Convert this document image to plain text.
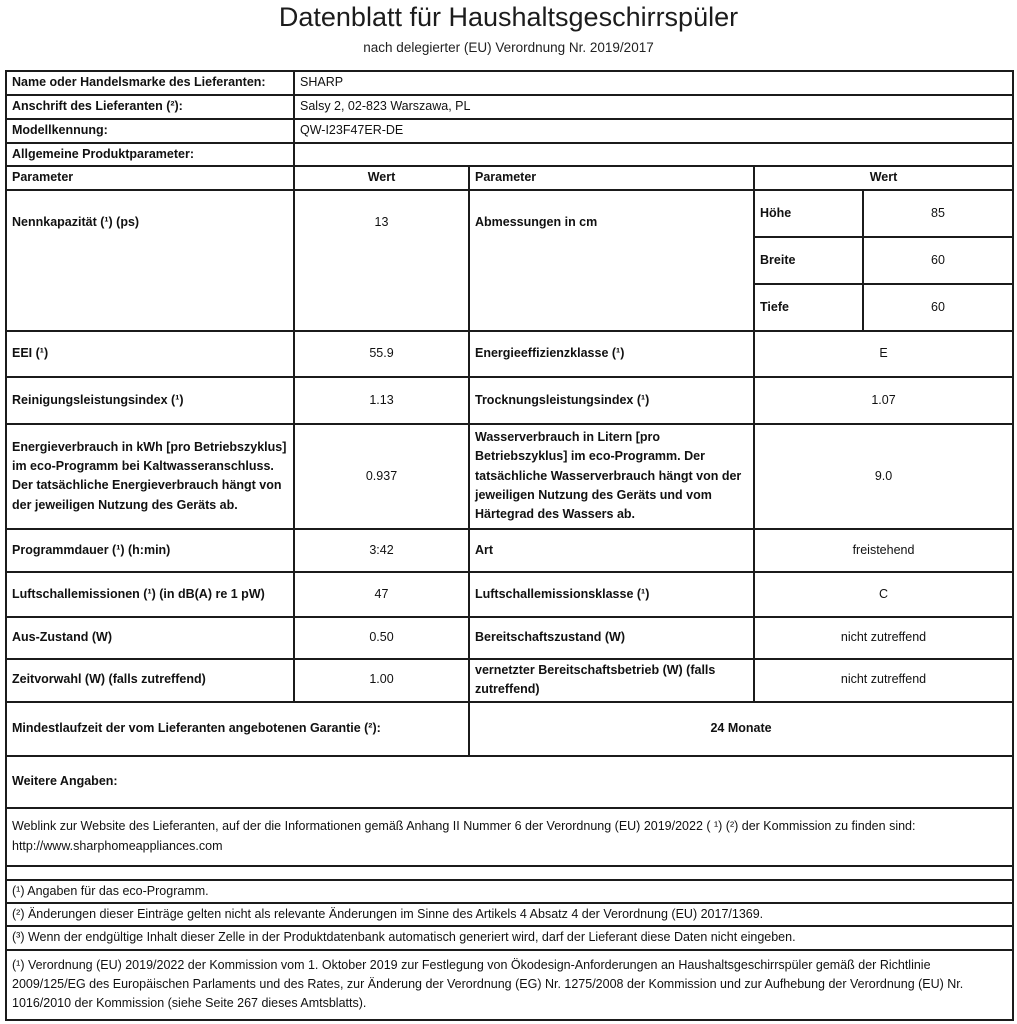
Datenblatt für Haushaltsgeschirrspüler
nach delegierter (EU) Verordnung Nr. 2019/2017
Name oder Handelsmarke des Lieferanten:	SHARP			
Anschrift des Lieferanten (²):	Salsy 2, 02-823 Warszawa, PL			
Modellkennung:	QW-I23F47ER-DE			
Allgemeine Produktparameter:				
Parameter	Wert	Parameter	Wert	
Nennkapazität (¹) (ps)	13	Abmessungen in cm	Höhe	85
			Breite	60
			Tiefe	60
EEI (¹)	55.9	Energieeffizienzklasse (¹)	E	
Reinigungsleistungsindex (¹)	1.13	Trocknungsleistungsindex (¹)	1.07	
Energieverbrauch in kWh [pro Betriebszyklus] im eco-Programm bei Kaltwasseranschluss. Der tatsächliche Energieverbrauch hängt von der jeweiligen Nutzung des Geräts ab.	0.937	Wasserverbrauch in Litern [pro Betriebszyklus] im eco-Programm. Der tatsächliche Wasserverbrauch hängt von der jeweiligen Nutzung des Geräts und vom Härtegrad des Wassers ab.	9.0	
Programmdauer (¹) (h:min)	3:42	Art	freistehend	
Luftschallemissionen (¹) (in dB(A) re 1 pW)	47	Luftschallemissionsklasse (¹)	C	
Aus-Zustand (W)	0.50	Bereitschaftszustand (W)	nicht zutreffend	
Zeitvorwahl (W) (falls zutreffend)	1.00	vernetzter Bereitschaftsbetrieb (W) (falls zutreffend)	nicht zutreffend	
Mindestlaufzeit der vom Lieferanten angebotenen Garantie (²):		24 Monate		
Weitere Angaben:				
Weblink zur Website des Lieferanten, auf der die Informationen gemäß Anhang II Nummer 6 der Verordnung (EU) 2019/2022 ( ¹) (²) der Kommission zu finden sind: http://www.sharphomeappliances.com				

(¹) Angaben für das eco-Programm.				
(²) Änderungen dieser Einträge gelten nicht als relevante Änderungen im Sinne des Artikels 4 Absatz 4 der Verordnung (EU) 2017/1369.				
(³) Wenn der endgültige Inhalt dieser Zelle in der Produktdatenbank automatisch generiert wird, darf der Lieferant diese Daten nicht eingeben.				
(¹) Verordnung (EU) 2019/2022 der Kommission vom 1. Oktober 2019 zur Festlegung von Ökodesign-Anforderungen an Haushaltsgeschirrspüler gemäß der Richtlinie 2009/125/EG des Europäischen Parlaments und des Rates, zur Änderung der Verordnung (EG) Nr. 1275/2008 der Kommission und zur Aufhebung der Verordnung (EU) Nr. 1016/2010 der Kommission (siehe Seite 267 dieses Amtsblatts).				
